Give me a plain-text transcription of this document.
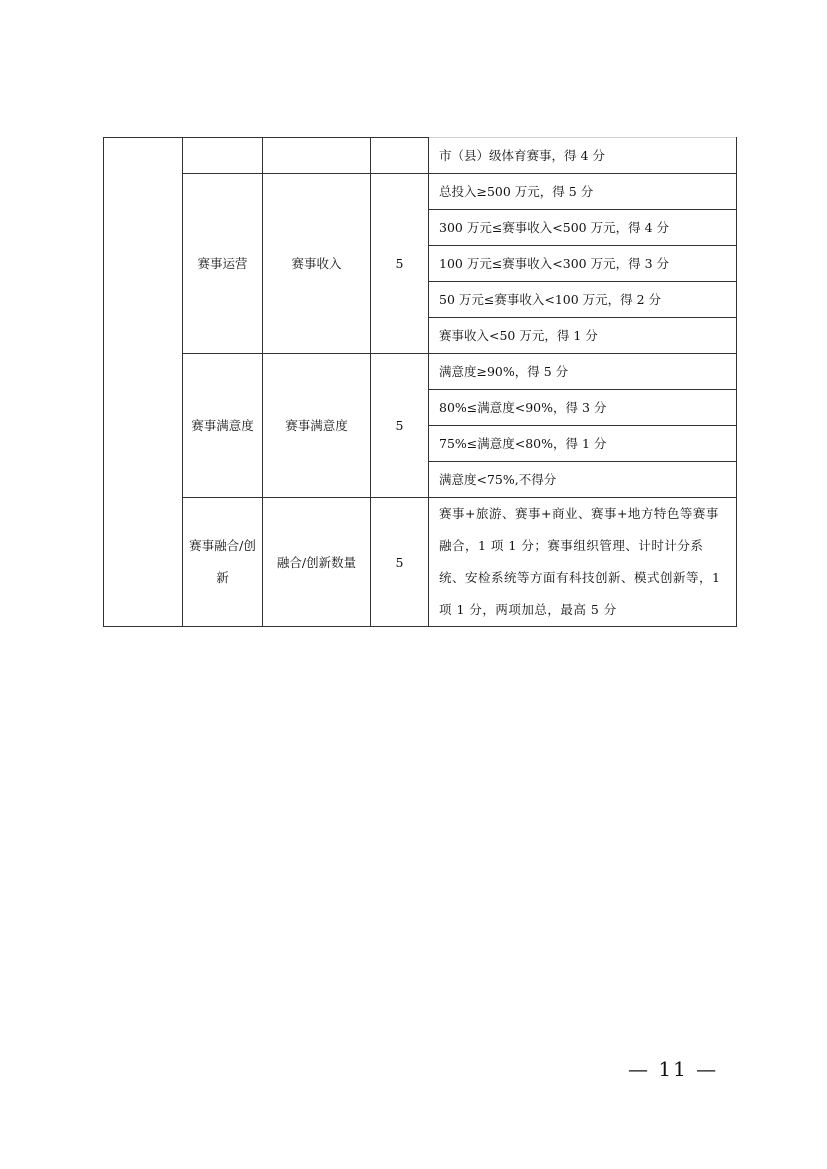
				市（县）级体育赛事，得 4 分
	赛事运营	赛事收入	5	总投入≥500 万元，得 5 分
				300 万元≤赛事收入<500 万元，得 4 分
				100 万元≤赛事收入<300 万元，得 3 分
				50 万元≤赛事收入<100 万元，得 2 分
				赛事收入<50 万元，得 1 分
	赛事满意度	赛事满意度	5	满意度≥90%，得 5 分
				80%≤满意度<90%，得 3 分
				75%≤满意度<80%，得 1 分
				满意度<75%,不得分
	赛事融合/创新	融合/创新数量	5	赛事+旅游、赛事+商业、赛事+地方特色等赛事融合，1 项 1 分；赛事组织管理、计时计分系统、安检系统等方面有科技创新、模式创新等，1 项 1 分，两项加总，最高 5 分
— 11 —
